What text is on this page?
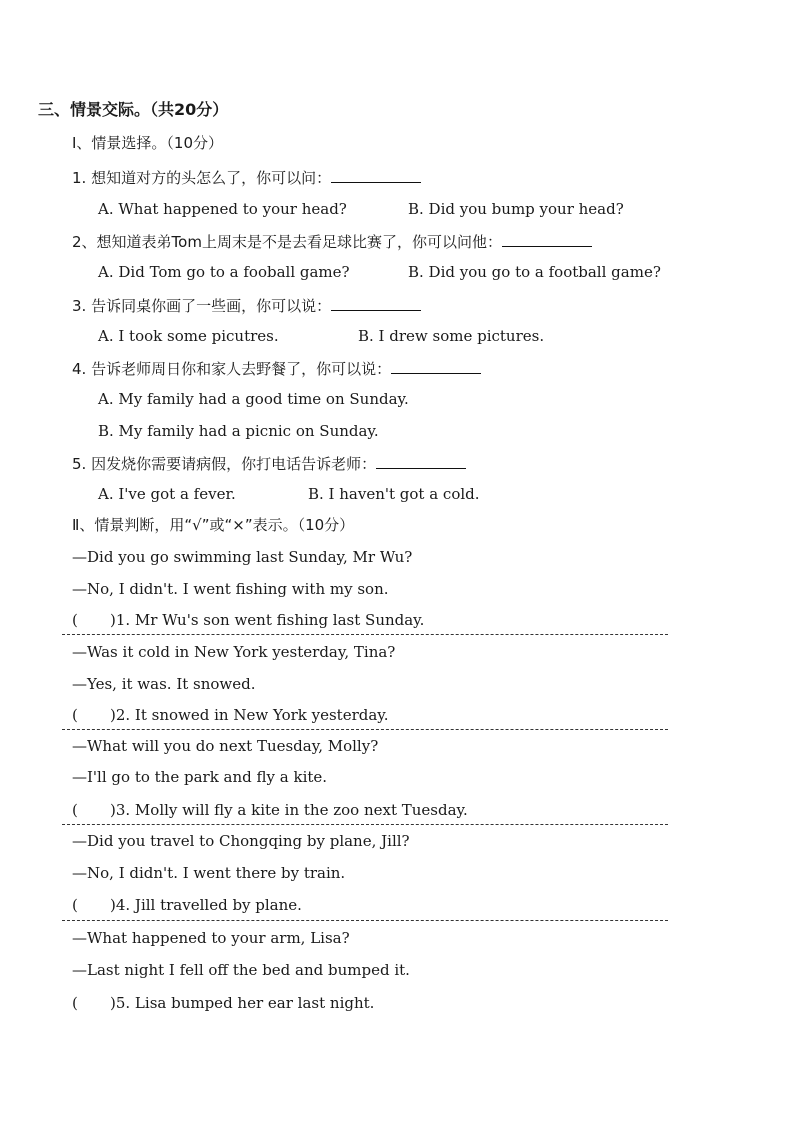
三、情景交际。（共20分）
Ⅰ、情景选择。（10分）
1. 想知道对方的头怎么了，你可以问：
A. What happened to your head?	B. Did you bump your head?
2、想知道表弟Tom上周末是不是去看足球比赛了，你可以问他：
A. Did Tom go to a fooball game?	B. Did you go to a football game?
3. 告诉同桌你画了一些画，你可以说：
A. I took some picutres.	B. I drew some pictures.
4. 告诉老师周日你和家人去野餐了，你可以说：
A. My family had a good time on Sunday.
B. My family had a picnic on Sunday.
5. 因发烧你需要请病假，你打电话告诉老师：
A. I've got a fever.	B. I haven't got a cold.
Ⅱ、情景判断，用“√”或“×”表示。（10分）
—Did you go swimming last Sunday, Mr Wu?
—No, I didn't. I went fishing with my son.
( )1. Mr Wu's son went fishing last Sunday.
—Was it cold in New York yesterday, Tina?
—Yes, it was. It snowed.
( )2. It snowed in New York yesterday.
—What will you do next Tuesday, Molly?
—I'll go to the park and fly a kite.
( )3. Molly will fly a kite in the zoo next Tuesday.
—Did you travel to Chongqing by plane, Jill?
—No, I didn't. I went there by train.
( )4. Jill travelled by plane.
—What happened to your arm, Lisa?
—Last night I fell off the bed and bumped it.
( )5. Lisa bumped her ear last night.
